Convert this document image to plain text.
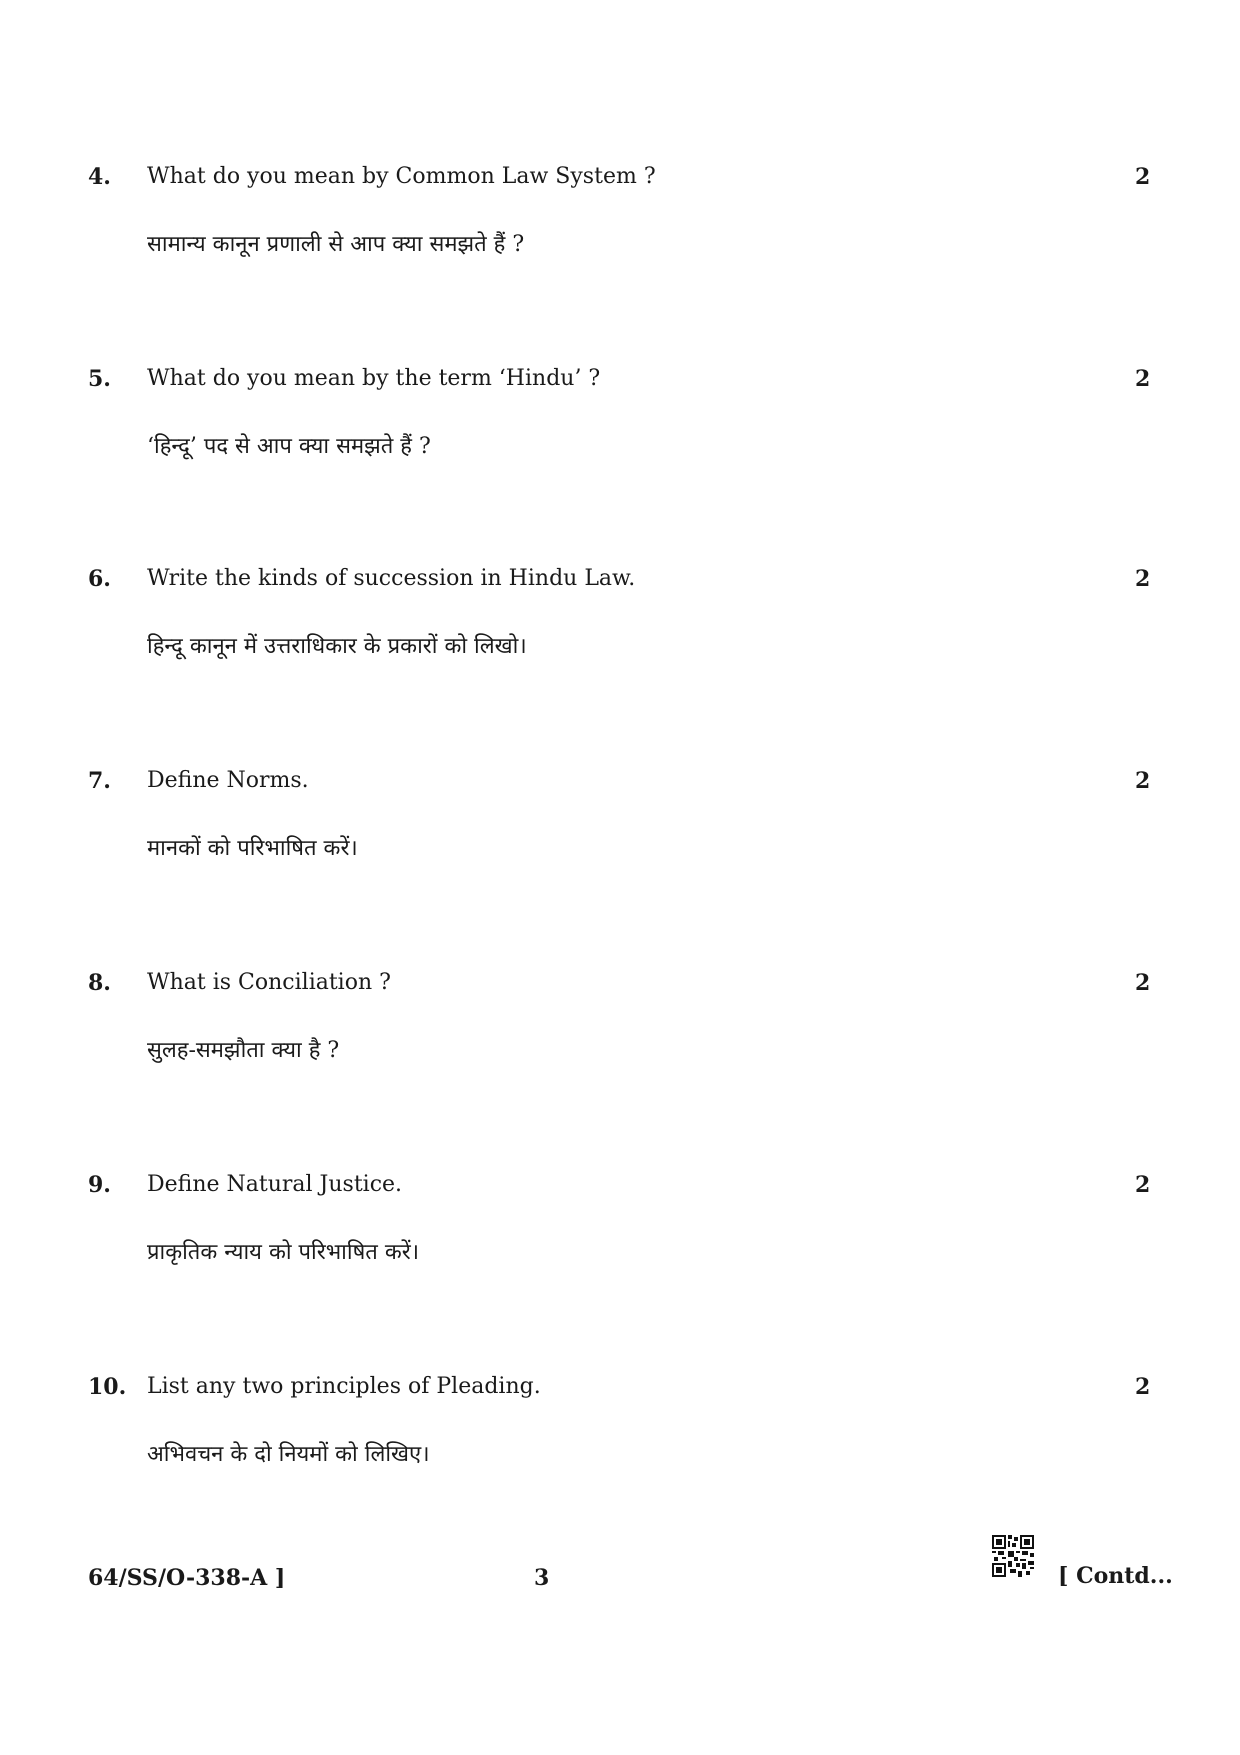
4. What do you mean by Common Law System ?
सामान्य कानून प्रणाली से आप क्या समझते हैं ?
2
5. What do you mean by the term ‘Hindu’ ?
‘हिन्दू’ पद से आप क्या समझते हैं ?
2
6. Write the kinds of succession in Hindu Law.
हिन्दू कानून में उत्तराधिकार के प्रकारों को लिखो।
2
7. Define Norms.
मानकों को परिभाषित करें।
2
8. What is Conciliation ?
सुलह-समझौता क्या है ?
2
9. Define Natural Justice.
प्राकृतिक न्याय को परिभाषित करें।
2
10. List any two principles of Pleading.
अभिवचन के दो नियमों को लिखिए।
2
64/SS/O-338-A ]	3	[ Contd...
